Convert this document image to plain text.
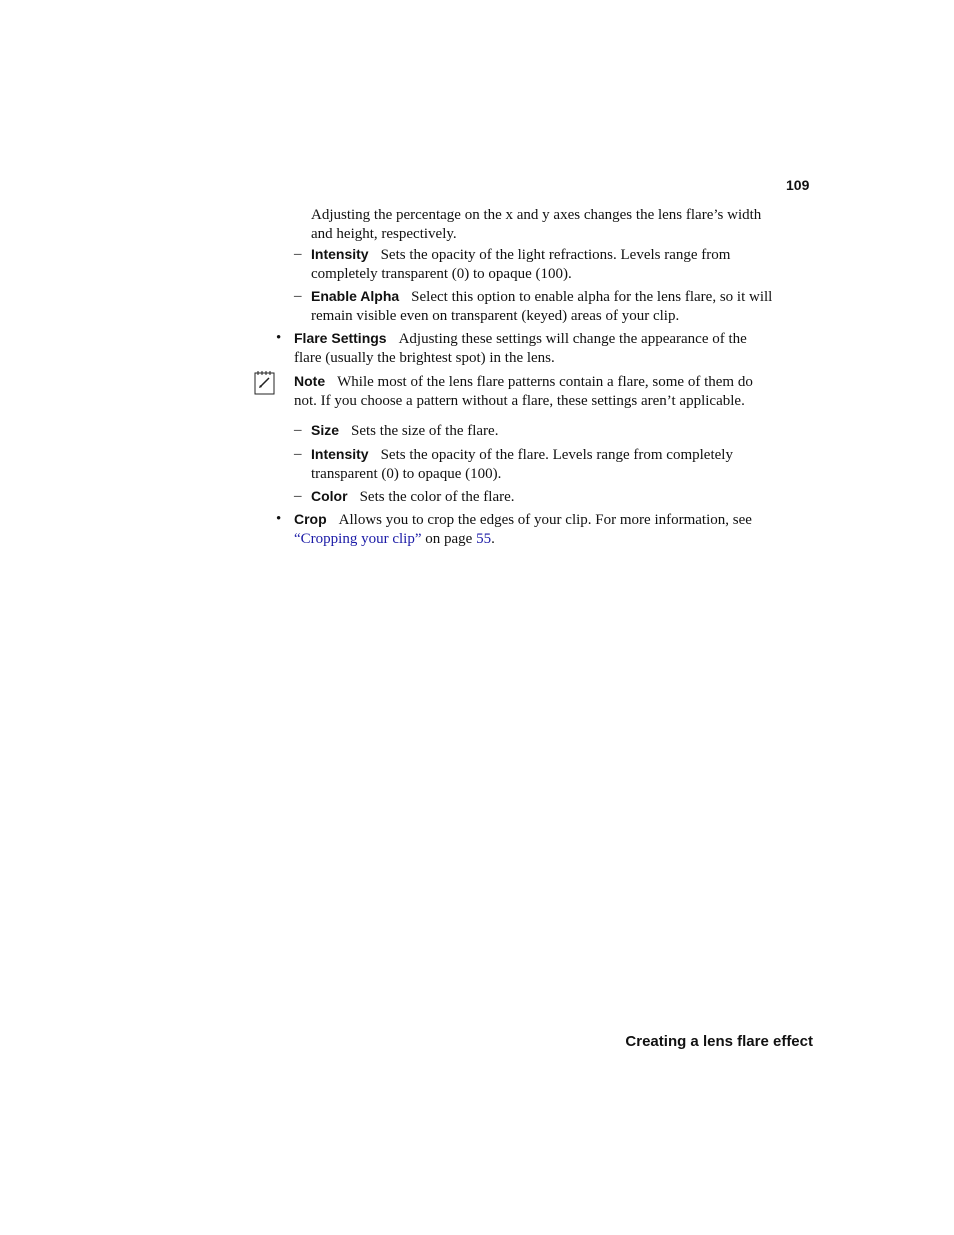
109
Adjusting the percentage on the x and y axes changes the lens flare’s width and height, respectively.
– Intensity Sets the opacity of the light refractions. Levels range from completely transparent (0) to opaque (100).
– Enable Alpha Select this option to enable alpha for the lens flare, so it will remain visible even on transparent (keyed) areas of your clip.
• Flare Settings Adjusting these settings will change the appearance of the flare (usually the brightest spot) in the lens.
Note While most of the lens flare patterns contain a flare, some of them do not. If you choose a pattern without a flare, these settings aren’t applicable.
– Size Sets the size of the flare.
– Intensity Sets the opacity of the flare. Levels range from completely transparent (0) to opaque (100).
– Color Sets the color of the flare.
• Crop Allows you to crop the edges of your clip. For more information, see “Cropping your clip” on page 55.
Creating a lens flare effect
